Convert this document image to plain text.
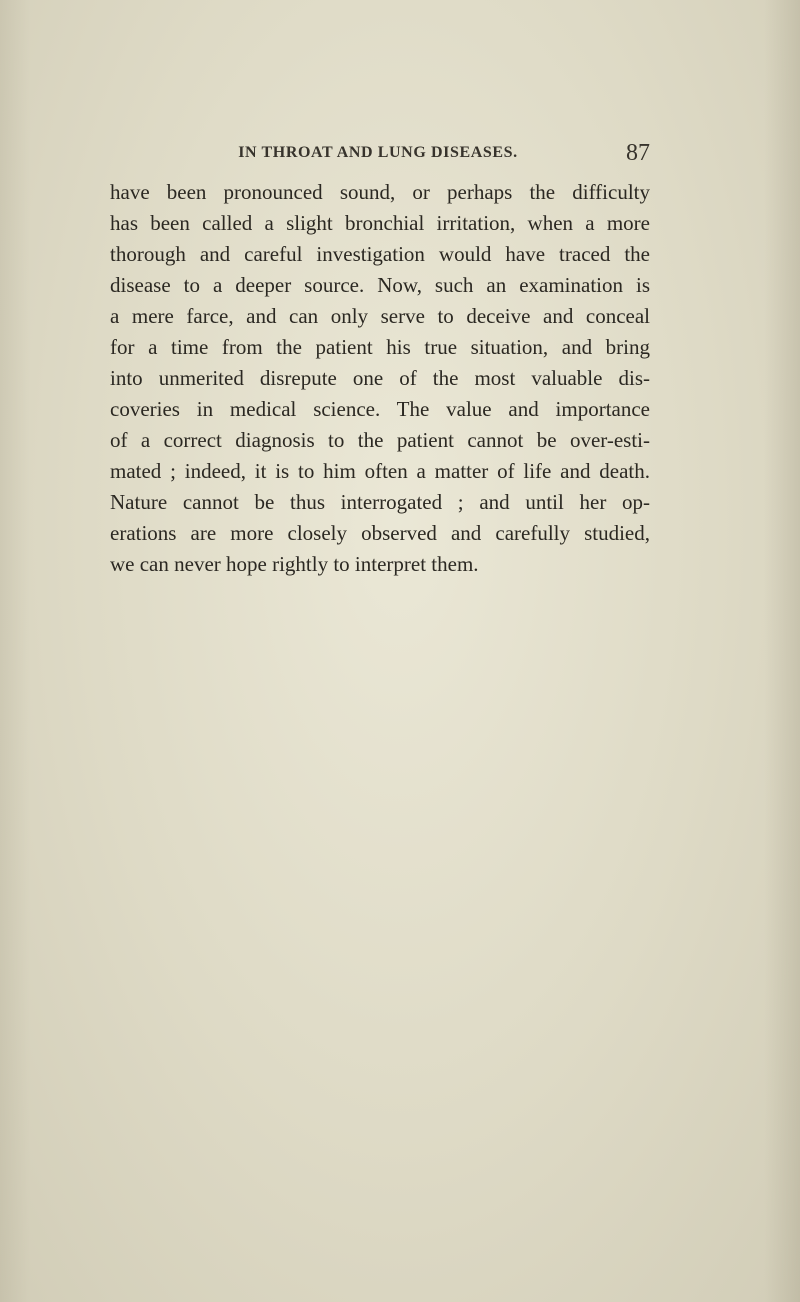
IN THROAT AND LUNG DISEASES.	87
have been pronounced sound, or perhaps the difficulty
has been called a slight bronchial irritation, when a more
thorough and careful investigation would have traced the
disease to a deeper source. Now, such an examination is
a mere farce, and can only serve to deceive and conceal
for a time from the patient his true situation, and bring
into unmerited disrepute one of the most valuable dis-
coveries in medical science. The value and importance
of a correct diagnosis to the patient cannot be over-esti-
mated ; indeed, it is to him often a matter of life and death.
Nature cannot be thus interrogated ; and until her op-
erations are more closely observed and carefully studied,
we can never hope rightly to interpret them.
